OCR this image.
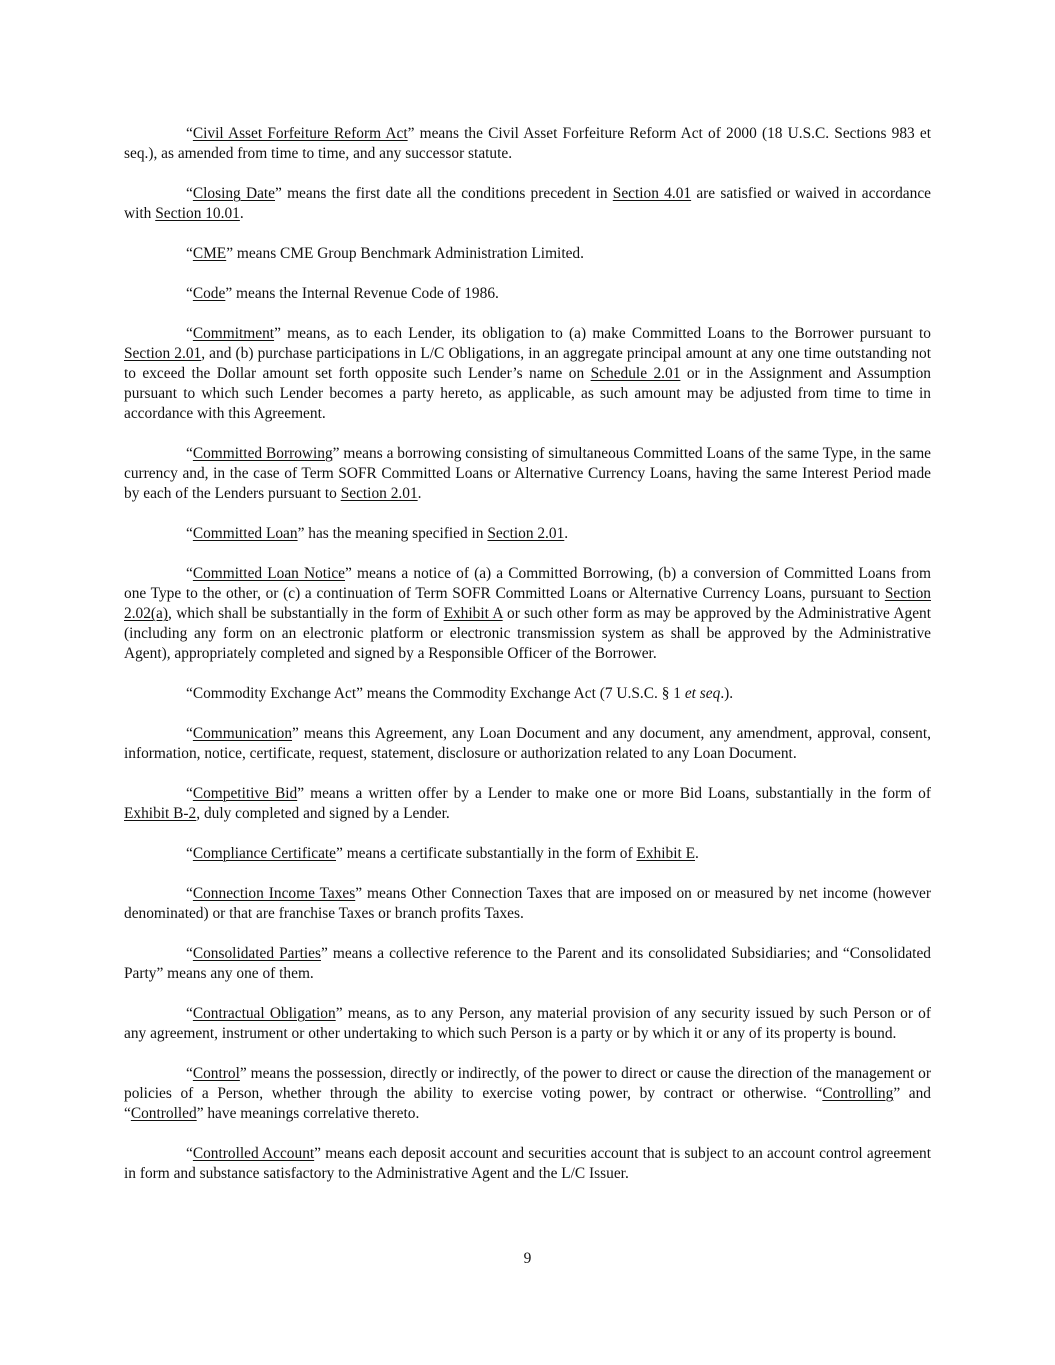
“Civil Asset Forfeiture Reform Act” means the Civil Asset Forfeiture Reform Act of 2000 (18 U.S.C. Sections 983 et seq.), as amended from time to time, and any successor statute.

“Closing Date” means the first date all the conditions precedent in Section 4.01 are satisfied or waived in accordance with Section 10.01.

“CME” means CME Group Benchmark Administration Limited.

“Code” means the Internal Revenue Code of 1986.

“Commitment” means, as to each Lender, its obligation to (a) make Committed Loans to the Borrower pursuant to Section 2.01, and (b) purchase participations in L/C Obligations, in an aggregate principal amount at any one time outstanding not to exceed the Dollar amount set forth opposite such Lender’s name on Schedule 2.01 or in the Assignment and Assumption pursuant to which such Lender becomes a party hereto, as applicable, as such amount may be adjusted from time to time in accordance with this Agreement.

“Committed Borrowing” means a borrowing consisting of simultaneous Committed Loans of the same Type, in the same currency and, in the case of Term SOFR Committed Loans or Alternative Currency Loans, having the same Interest Period made by each of the Lenders pursuant to Section 2.01.

“Committed Loan” has the meaning specified in Section 2.01.

“Committed Loan Notice” means a notice of (a) a Committed Borrowing, (b) a conversion of Committed Loans from one Type to the other, or (c) a continuation of Term SOFR Committed Loans or Alternative Currency Loans, pursuant to Section 2.02(a), which shall be substantially in the form of Exhibit A or such other form as may be approved by the Administrative Agent (including any form on an electronic platform or electronic transmission system as shall be approved by the Administrative Agent), appropriately completed and signed by a Responsible Officer of the Borrower.

“Commodity Exchange Act” means the Commodity Exchange Act (7 U.S.C. § 1 et seq.).

“Communication” means this Agreement, any Loan Document and any document, any amendment, approval, consent, information, notice, certificate, request, statement, disclosure or authorization related to any Loan Document.

“Competitive Bid” means a written offer by a Lender to make one or more Bid Loans, substantially in the form of Exhibit B-2, duly completed and signed by a Lender.

“Compliance Certificate” means a certificate substantially in the form of Exhibit E.

“Connection Income Taxes” means Other Connection Taxes that are imposed on or measured by net income (however denominated) or that are franchise Taxes or branch profits Taxes.

“Consolidated Parties” means a collective reference to the Parent and its consolidated Subsidiaries; and “Consolidated Party” means any one of them.

“Contractual Obligation” means, as to any Person, any material provision of any security issued by such Person or of any agreement, instrument or other undertaking to which such Person is a party or by which it or any of its property is bound.

“Control” means the possession, directly or indirectly, of the power to direct or cause the direction of the management or policies of a Person, whether through the ability to exercise voting power, by contract or otherwise. “Controlling” and “Controlled” have meanings correlative thereto.

“Controlled Account” means each deposit account and securities account that is subject to an account control agreement in form and substance satisfactory to the Administrative Agent and the L/C Issuer.

9
